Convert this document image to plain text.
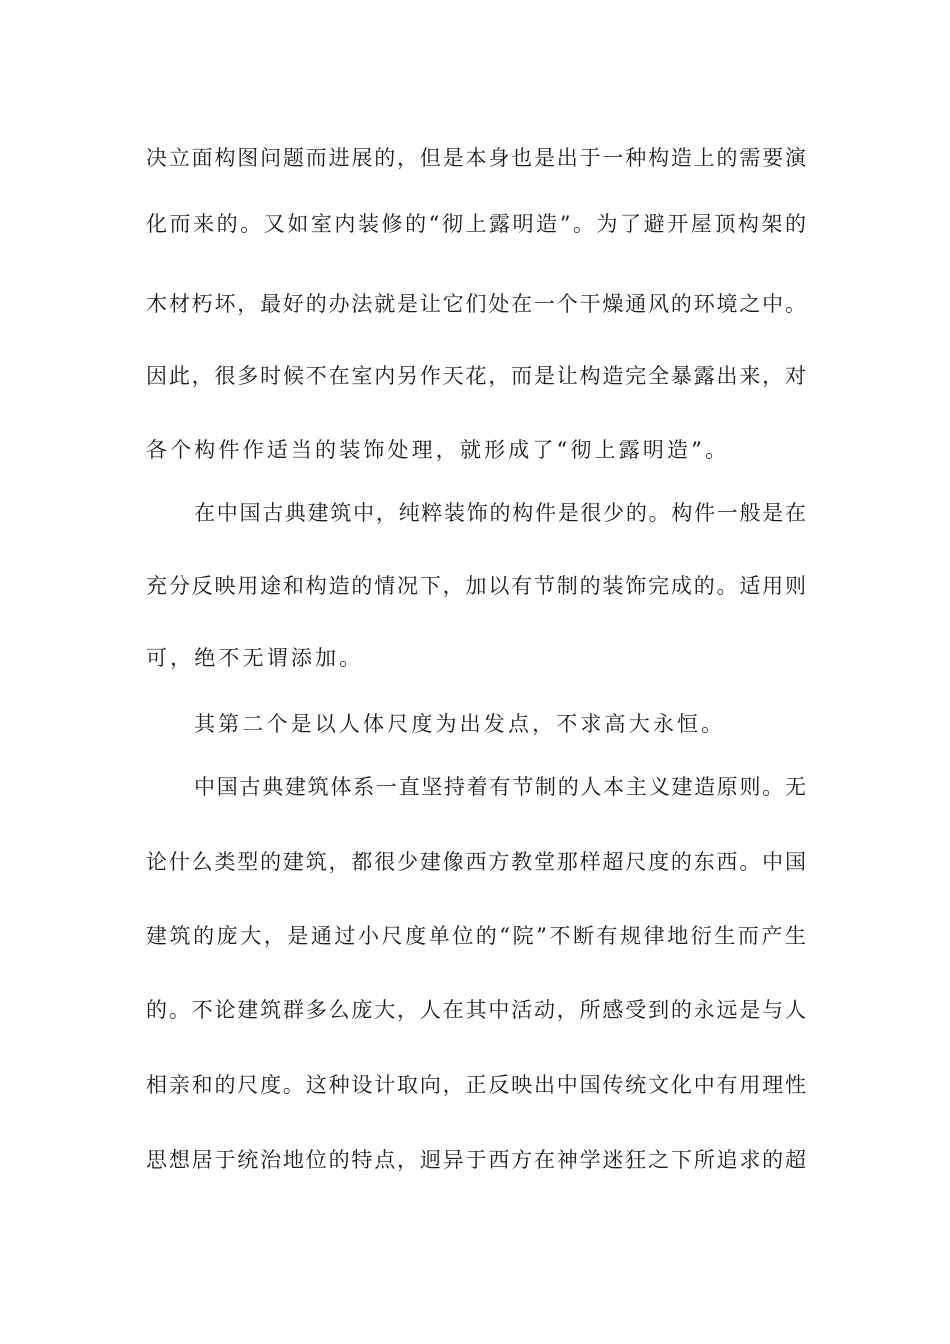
决立面构图问题而进展的，但是本身也是出于一种构造上的需要演
化而来的。又如室内装修的“彻上露明造”。为了避开屋顶构架的
木材朽坏，最好的办法就是让它们处在一个干燥通风的环境之中。
因此，很多时候不在室内另作天花，而是让构造完全暴露出来，对
各个构件作适当的装饰处理，就形成了“彻上露明造”。
在中国古典建筑中，纯粹装饰的构件是很少的。构件一般是在
充分反映用途和构造的情况下，加以有节制的装饰完成的。适用则
可，绝不无谓添加。
其第二个是以人体尺度为出发点，不求高大永恒。
中国古典建筑体系一直坚持着有节制的人本主义建造原则。无
论什么类型的建筑，都很少建像西方教堂那样超尺度的东西。中国
建筑的庞大，是通过小尺度单位的“院”不断有规律地衍生而产生
的。不论建筑群多么庞大，人在其中活动，所感受到的永远是与人
相亲和的尺度。这种设计取向，正反映出中国传统文化中有用理性
思想居于统治地位的特点，迥异于西方在神学迷狂之下所追求的超
